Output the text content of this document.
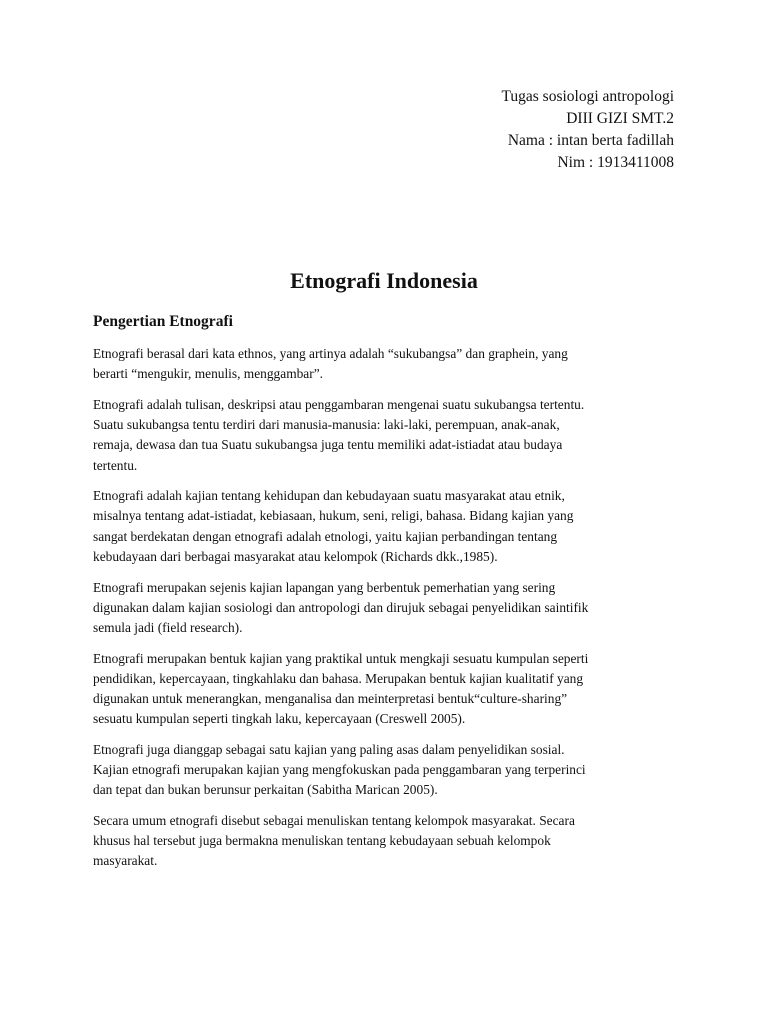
Tugas sosiologi antropologi
DIII GIZI SMT.2
Nama : intan berta fadillah
Nim : 1913411008
Etnografi Indonesia
Pengertian Etnografi

Etnografi berasal dari kata ethnos, yang artinya adalah “sukubangsa” dan graphein, yang
berarti “mengukir, menulis, menggambar”.

Etnografi adalah tulisan, deskripsi atau penggambaran mengenai suatu sukubangsa tertentu.
Suatu sukubangsa tentu terdiri dari manusia-manusia: laki-laki, perempuan, anak-anak,
remaja, dewasa dan tua Suatu sukubangsa juga tentu memiliki adat-istiadat atau budaya
tertentu.

Etnografi adalah kajian tentang kehidupan dan kebudayaan suatu masyarakat atau etnik,
misalnya tentang adat-istiadat, kebiasaan, hukum, seni, religi, bahasa. Bidang kajian yang
sangat berdekatan dengan etnografi adalah etnologi, yaitu kajian perbandingan tentang
kebudayaan dari berbagai masyarakat atau kelompok (Richards dkk.,1985).

Etnografi merupakan sejenis kajian lapangan yang berbentuk pemerhatian yang sering
digunakan dalam kajian sosiologi dan antropologi dan dirujuk sebagai penyelidikan saintifik
semula jadi (field research).

Etnografi merupakan bentuk kajian yang praktikal untuk mengkaji sesuatu kumpulan seperti
pendidikan, kepercayaan, tingkahlaku dan bahasa. Merupakan bentuk kajian kualitatif yang
digunakan untuk menerangkan, menganalisa dan meinterpretasi bentuk“culture-sharing”
sesuatu kumpulan seperti tingkah laku, kepercayaan (Creswell 2005).

Etnografi juga dianggap sebagai satu kajian yang paling asas dalam penyelidikan sosial.
Kajian etnografi merupakan kajian yang mengfokuskan pada penggambaran yang terperinci
dan tepat dan bukan berunsur perkaitan (Sabitha Marican 2005).

Secara umum etnografi disebut sebagai menuliskan tentang kelompok masyarakat. Secara
khusus hal tersebut juga bermakna menuliskan tentang kebudayaan sebuah kelompok
masyarakat.
